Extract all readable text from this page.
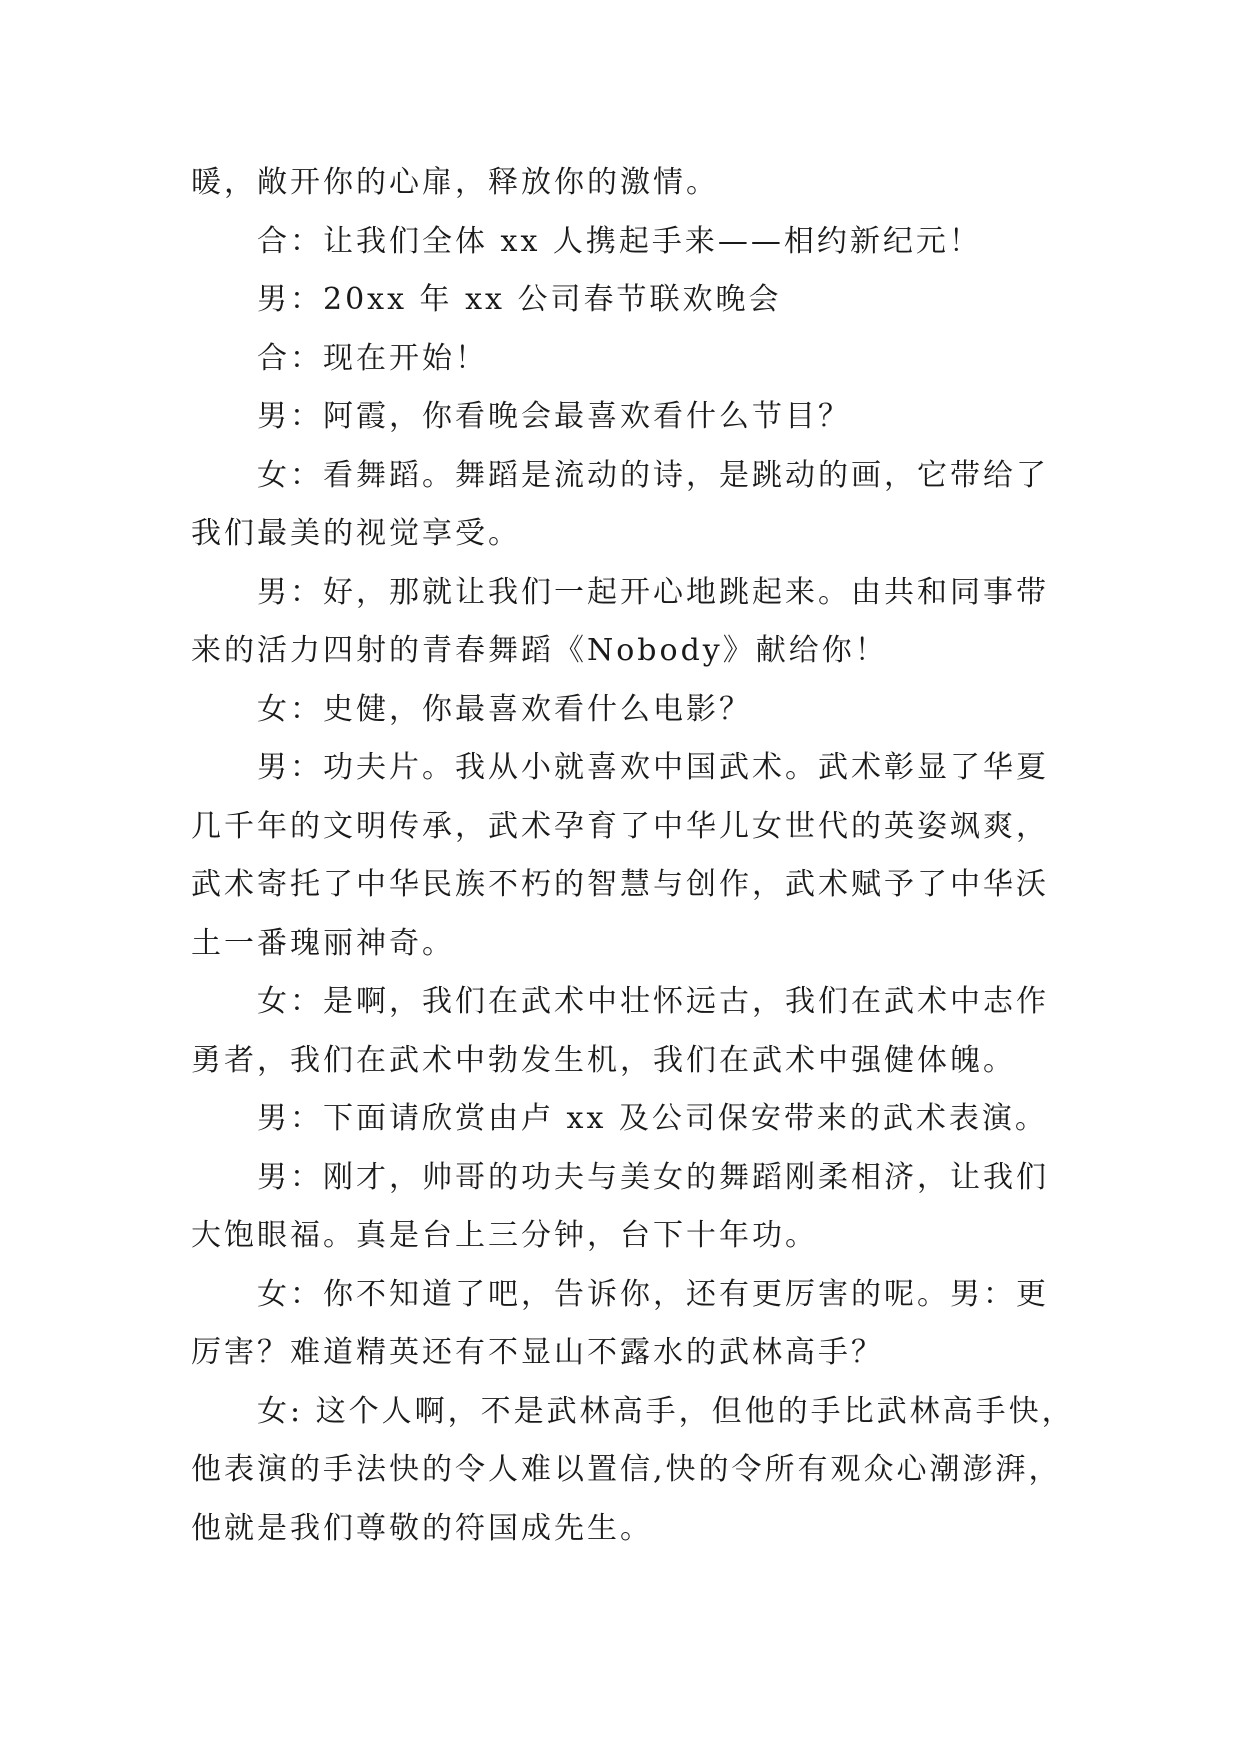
暖，敞开你的心扉，释放你的激情。

合：让我们全体 xx 人携起手来——相约新纪元！

男：20xx 年 xx 公司春节联欢晚会

合：现在开始！

男：阿霞，你看晚会最喜欢看什么节目？

女：看舞蹈。舞蹈是流动的诗，是跳动的画，它带给了

我们最美的视觉享受。

男：好，那就让我们一起开心地跳起来。由共和同事带

来的活力四射的青春舞蹈《Nobody》献给你！

女：史健，你最喜欢看什么电影？

男：功夫片。我从小就喜欢中国武术。武术彰显了华夏

几千年的文明传承，武术孕育了中华儿女世代的英姿飒爽，

武术寄托了中华民族不朽的智慧与创作，武术赋予了中华沃

土一番瑰丽神奇。

女：是啊，我们在武术中壮怀远古，我们在武术中志作

勇者，我们在武术中勃发生机，我们在武术中强健体魄。

男：下面请欣赏由卢 xx 及公司保安带来的武术表演。

男：刚才，帅哥的功夫与美女的舞蹈刚柔相济，让我们

大饱眼福。真是台上三分钟，台下十年功。

女：你不知道了吧，告诉你，还有更厉害的呢。男：更

厉害？难道精英还有不显山不露水的武林高手？

女: 这个人啊，不是武林高手，但他的手比武林高手快，

他表演的手法快的令人难以置信,快的令所有观众心潮澎湃，

他就是我们尊敬的符国成先生。
